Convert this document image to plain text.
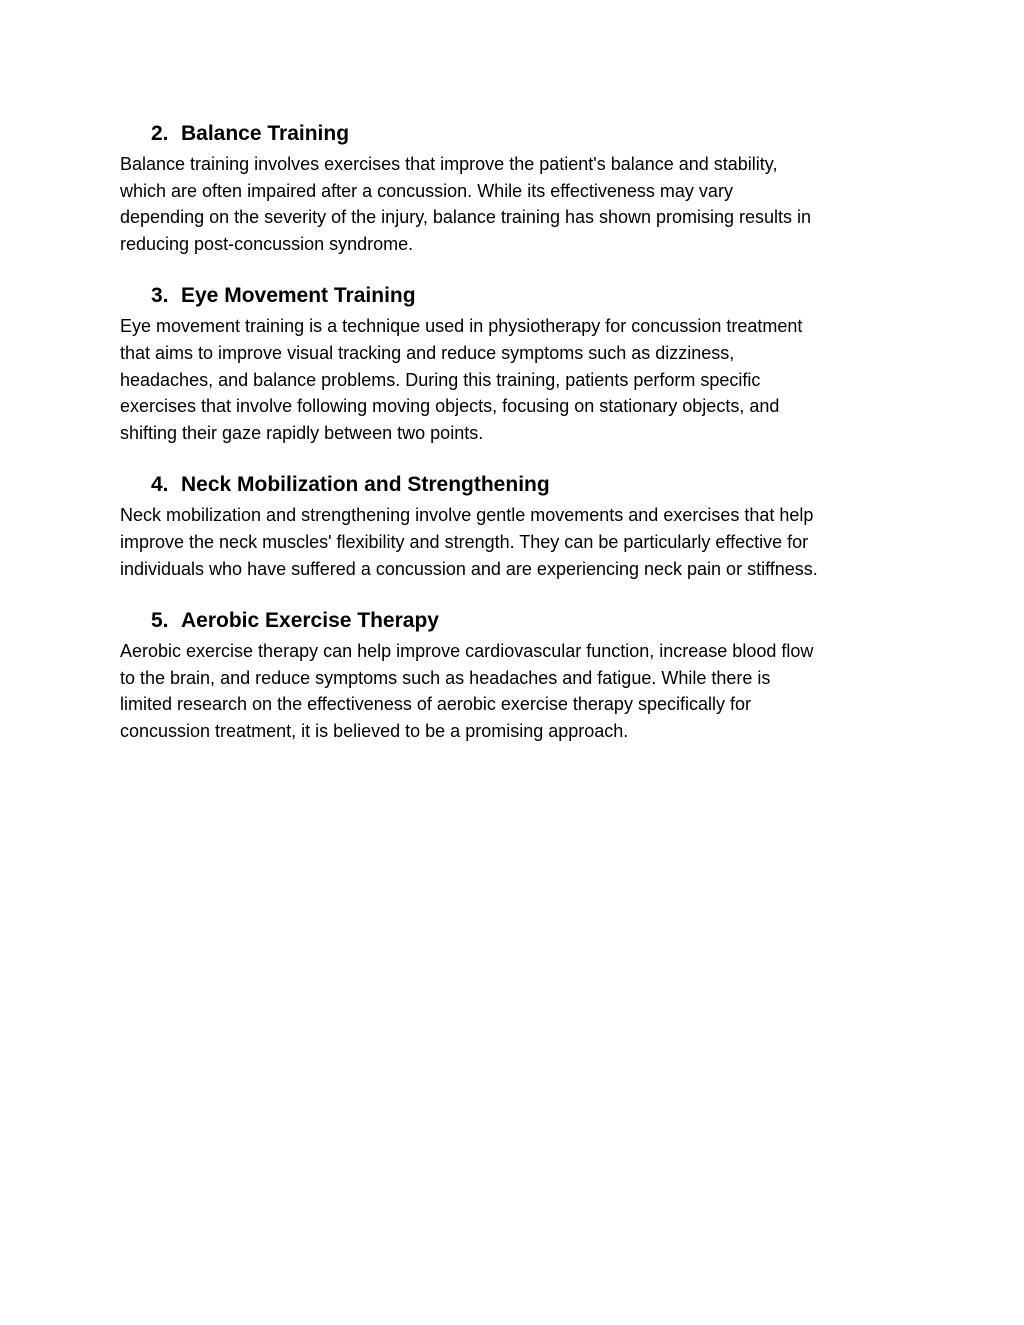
2. Balance Training

Balance training involves exercises that improve the patient's balance and stability,
which are often impaired after a concussion. While its effectiveness may vary
depending on the severity of the injury, balance training has shown promising results in
reducing post-concussion syndrome.

3. Eye Movement Training

Eye movement training is a technique used in physiotherapy for concussion treatment
that aims to improve visual tracking and reduce symptoms such as dizziness,
headaches, and balance problems. During this training, patients perform specific
exercises that involve following moving objects, focusing on stationary objects, and
shifting their gaze rapidly between two points.

4. Neck Mobilization and Strengthening

Neck mobilization and strengthening involve gentle movements and exercises that help
improve the neck muscles' flexibility and strength. They can be particularly effective for
individuals who have suffered a concussion and are experiencing neck pain or stiffness.

5. Aerobic Exercise Therapy

Aerobic exercise therapy can help improve cardiovascular function, increase blood flow
to the brain, and reduce symptoms such as headaches and fatigue. While there is
limited research on the effectiveness of aerobic exercise therapy specifically for
concussion treatment, it is believed to be a promising approach.
